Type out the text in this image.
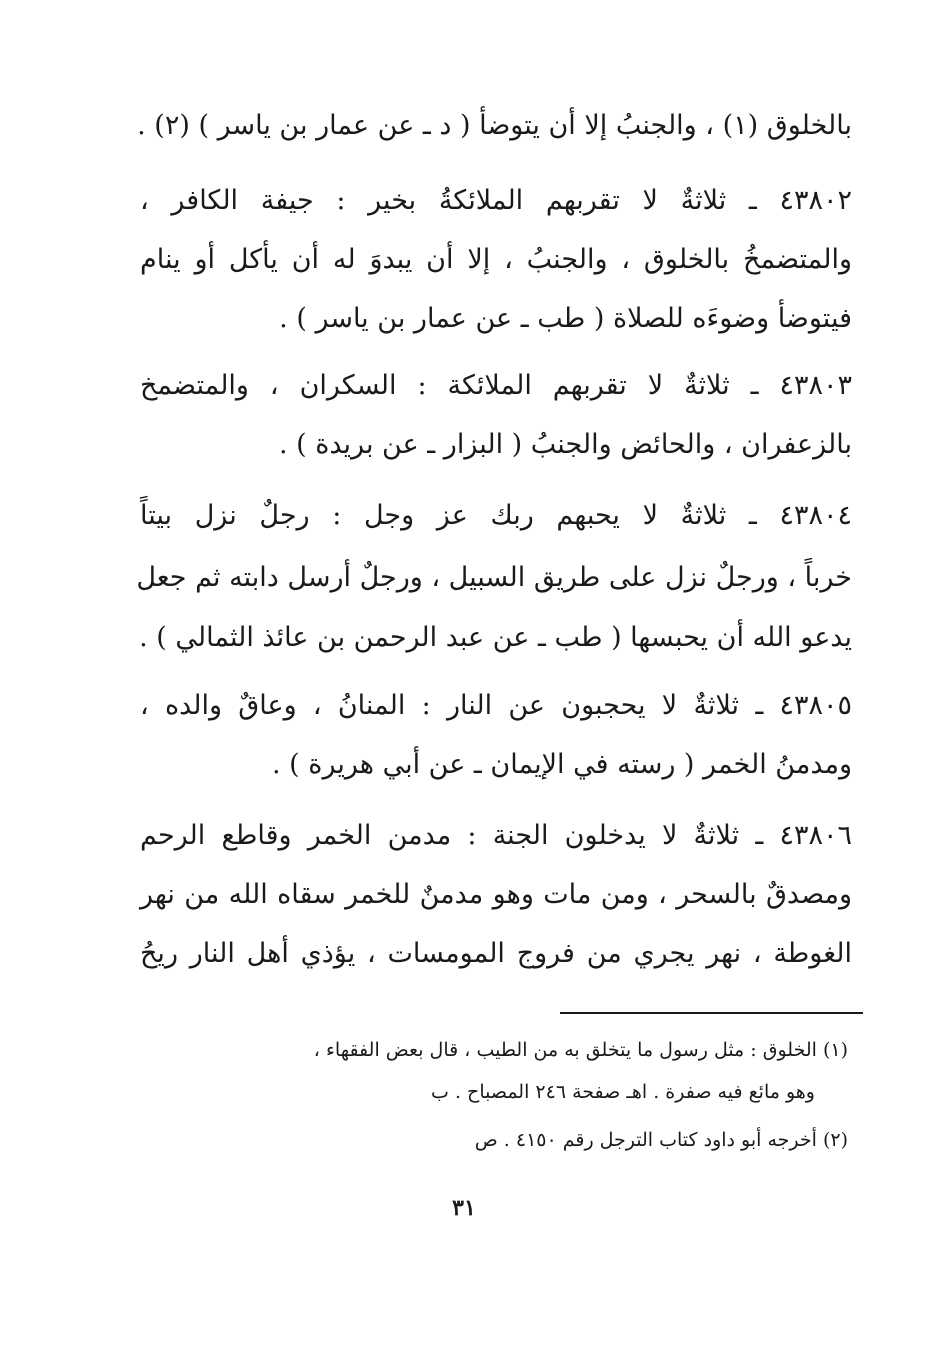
بالخلوق (١) ، والجنبُ إلا أن يتوضأ ( د ـ عن عمار بن ياسر ) (٢) .
٤٣٨٠٢ ـ ثلاثةٌ لا تقربهم الملائكةُ بخير : جيفة الكافر ،
والمتضمخُ بالخلوق ، والجنبُ ، إلا أن يبدوَ له أن يأكل أو ينام
فيتوضأ وضوءَه للصلاة ( طب ـ عن عمار بن ياسر ) .
٤٣٨٠٣ ـ ثلاثةٌ لا تقربهم الملائكة : السكران ، والمتضمخ
بالزعفران ، والحائض والجنبُ ( البزار ـ عن بريدة ) .
٤٣٨٠٤ ـ ثلاثةٌ لا يحبهم ربك عز وجل : رجلٌ نزل بيتاً
خرباً ، ورجلٌ نزل على طريق السبيل ، ورجلٌ أرسل دابته ثم جعل
يدعو الله أن يحبسها ( طب ـ عن عبد الرحمن بن عائذ الثمالي ) .
٤٣٨٠٥ ـ ثلاثةٌ لا يحجبون عن النار : المنانُ ، وعاقٌ والده ،
ومدمنُ الخمر ( رسته في الإيمان ـ عن أبي هريرة ) .
٤٣٨٠٦ ـ ثلاثةٌ لا يدخلون الجنة : مدمن الخمر وقاطع الرحم
ومصدقٌ بالسحر ، ومن مات وهو مدمنٌ للخمر سقاه الله من نهر
الغوطة ، نهر يجري من فروج المومسات ، يؤذي أهل النار ريحُ
(١) الخلوق : مثل رسول ما يتخلق به من الطيب ، قال بعض الفقهاء ،
وهو مائع فيه صفرة . اهـ صفحة ٢٤٦ المصباح . ب
(٢) أخرجه أبو داود كتاب الترجل رقم ٤١٥٠ . ص
٣١
